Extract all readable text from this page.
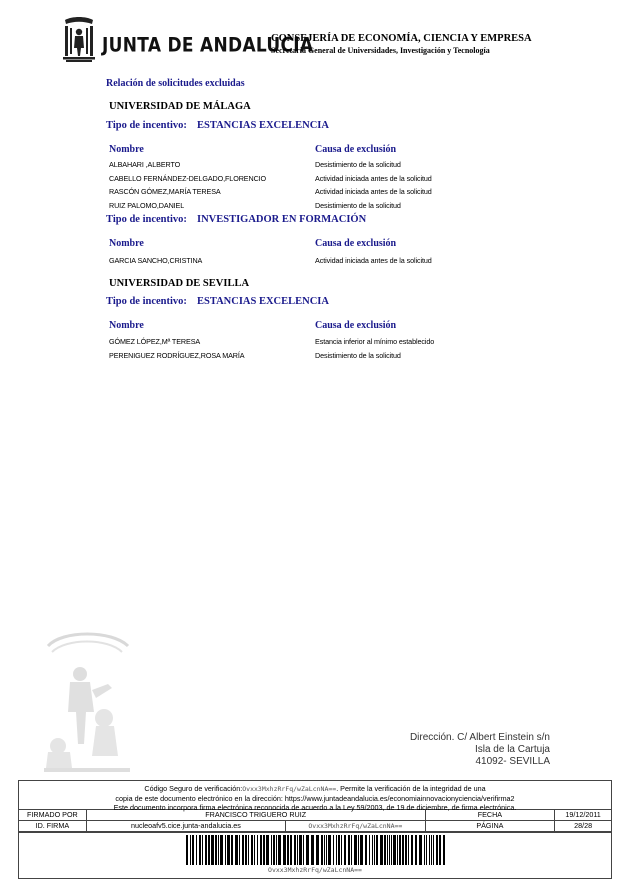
JUNTA DE ANDALUCIA
CONSEJERÍA DE ECONOMÍA, CIENCIA Y EMPRESA
Secretaría General de Universidades, Investigación y Tecnología
Relación de solicitudes excluidas
UNIVERSIDAD DE MÁLAGA
Tipo de incentivo: ESTANCIAS EXCELENCIA
Nombre	Causa de exclusión
ALBAHARI ,ALBERTO	Desistimiento de la solicitud
CABELLO FERNÁNDEZ-DELGADO,FLORENCIO	Actividad iniciada antes de la solicitud
RASCÓN GÓMEZ,MARÍA TERESA	Actividad iniciada antes de la solicitud
RUIZ PALOMO,DANIEL	Desistimiento de la solicitud
Tipo de incentivo: INVESTIGADOR EN FORMACIÓN
Nombre	Causa de exclusión
GARCIA SANCHO,CRISTINA	Actividad iniciada antes de la solicitud
UNIVERSIDAD DE SEVILLA
Tipo de incentivo: ESTANCIAS EXCELENCIA
Nombre	Causa de exclusión
GÓMEZ LÓPEZ,Mª TERESA	Estancia inferior al mínimo establecido
PERENIGUEZ RODRÍGUEZ,ROSA MARÍA	Desistimiento de la solicitud
Dirección. C/ Albert Einstein s/n
Isla de la Cartuja
41092- SEVILLA
Código Seguro de verificación:Ovxx3MxhzRrFq/wZaLcnNA==. Permite la verificación de la integridad de una
copia de este documento electrónico en la dirección: https://www.juntadeandalucia.es/economiainnovacionyciencia/verifirma2
Este documento incorpora firma electrónica reconocida de acuerdo a la Ley 59/2003, de 19 de diciembre, de firma electrónica.
FIRMADO POR	FRANCISCO TRIGUERO RUIZ	FECHA	19/12/2011
ID. FIRMA	nucleoafv5.cice.junta-andalucia.es	Ovxx3MxhzRrFq/wZaLcnNA==	PÁGINA	28/28
Ovxx3MxhzRrFq/wZaLcnNA==
